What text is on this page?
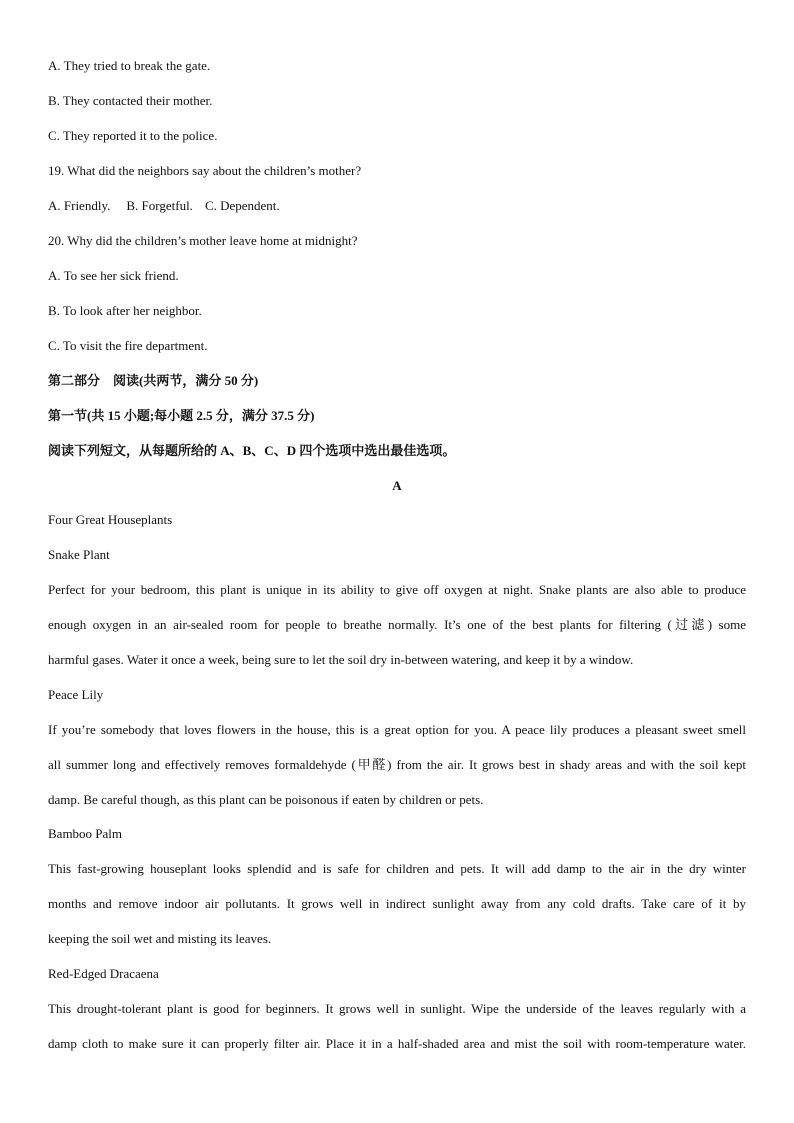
A. They tried to break the gate.
B. They contacted their mother.
C. They reported it to the police.
19. What did the neighbors say about the children’s mother?
A. Friendly. B. Forgetful. C. Dependent.
20. Why did the children’s mother leave home at midnight?
A. To see her sick friend.
B. To look after her neighbor.
C. To visit the fire department.
第二部分　阅读(共两节，满分 50 分)
第一节(共 15 小题;每小题 2.5 分，满分 37.5 分)
阅读下列短文，从每题所给的 A、B、C、D 四个选项中选出最佳选项。
A
Four Great Houseplants
Snake Plant
Perfect for your bedroom, this plant is unique in its ability to give off oxygen at night. Snake plants are also able to produce
enough oxygen in an air-sealed room for people to breathe normally. It’s one of the best plants for filtering (过滤) some
harmful gases. Water it once a week, being sure to let the soil dry in-between watering, and keep it by a window.
Peace Lily
If you’re somebody that loves flowers in the house, this is a great option for you. A peace lily produces a pleasant sweet smell
all summer long and effectively removes formaldehyde (甲醛) from the air. It grows best in shady areas and with the soil kept
damp. Be careful though, as this plant can be poisonous if eaten by children or pets.
Bamboo Palm
This fast-growing houseplant looks splendid and is safe for children and pets. It will add damp to the air in the dry winter
months and remove indoor air pollutants. It grows well in indirect sunlight away from any cold drafts. Take care of it by
keeping the soil wet and misting its leaves.
Red-Edged Dracaena
This drought-tolerant plant is good for beginners. It grows well in sunlight. Wipe the underside of the leaves regularly with a
damp cloth to make sure it can properly filter air. Place it in a half-shaded area and mist the soil with room-temperature water.
